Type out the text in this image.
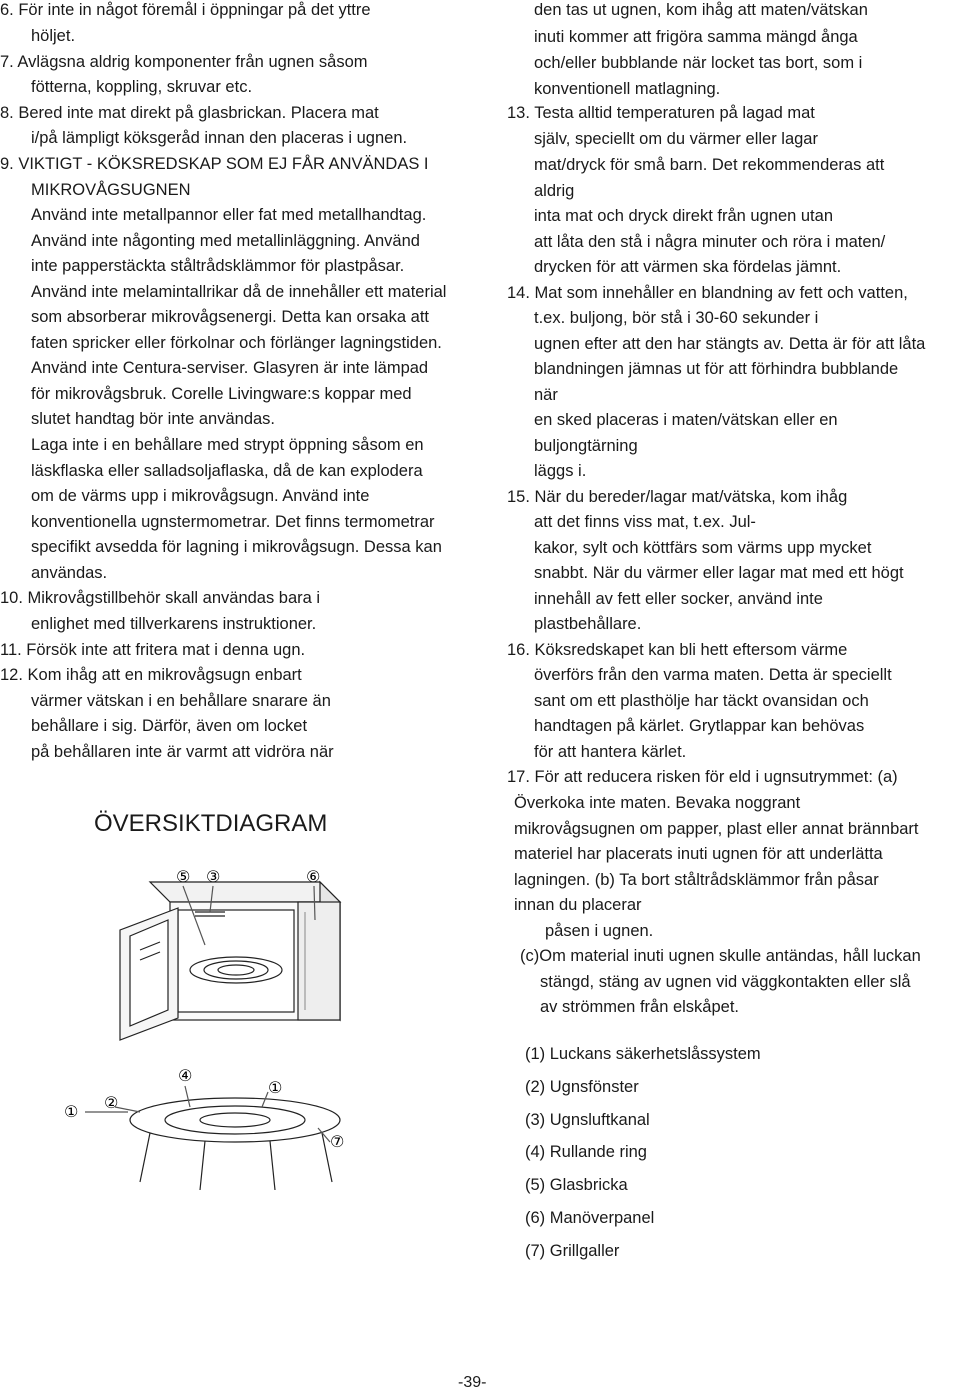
6. För inte in något föremål i öppningar på det yttre
höljet.
7. Avlägsna aldrig komponenter från ugnen såsom
fötterna, koppling, skruvar etc.
8. Bered inte mat direkt på glasbrickan. Placera mat
i/på lämpligt köksgeråd innan den placeras i ugnen.
9. VIKTIGT - KÖKSREDSKAP SOM EJ FÅR ANVÄNDAS I
MIKROVÅGSUGNEN
Använd inte metallpannor eller fat med metallhandtag.
Använd inte någonting med metallinläggning. Använd
inte papperstäckta ståltrådsklämmor för plastpåsar.
Använd inte melamintallrikar då de innehåller ett material
som absorberar mikrovågsenergi. Detta kan orsaka att
faten spricker eller förkolnar och förlänger lagningstiden.
Använd inte Centura-serviser. Glasyren är inte lämpad
för mikrovågsbruk. Corelle Livingware:s koppar med
slutet handtag bör inte användas.
Laga inte i en behållare med strypt öppning såsom en
läskflaska eller salladsoljaflaska, då de kan explodera
om de värms upp i mikrovågsugn. Använd inte
konventionella ugnstermometrar. Det finns termometrar
specifikt avsedda för lagning i mikrovågsugn. Dessa kan
användas.
10. Mikrovågstillbehör skall användas bara i
enlighet med tillverkarens instruktioner.
11. Försök inte att fritera mat i denna ugn.
12. Kom ihåg att en mikrovågsugn enbart
värmer vätskan i en behållare snarare än
behållare i sig. Därför, även om locket
på behållaren inte är varmt att vidröra när
den tas ut ugnen, kom ihåg att maten/vätskan
inuti kommer att frigöra samma mängd ånga
och/eller bubblande när locket tas bort, som i
konventionell matlagning.
13. Testa alltid temperaturen på lagad mat
själv, speciellt om du värmer eller lagar
mat/dryck för små barn. Det rekommenderas att
aldrig
inta mat och dryck direkt från ugnen utan
att låta den stå i några minuter och röra i maten/
drycken för att värmen ska fördelas jämnt.
14. Mat som innehåller en blandning av fett och vatten,
t.ex. buljong, bör stå i 30-60 sekunder i
ugnen efter att den har stängts av. Detta är för att låta
blandningen jämnas ut för att förhindra bubblande
när
en sked placeras i maten/vätskan eller en
buljongtärning
läggs i.
15. När du bereder/lagar mat/vätska, kom ihåg
att det finns viss mat, t.ex. Jul-
kakor, sylt och köttfärs som värms upp mycket
snabbt. När du värmer eller lagar mat med ett högt
innehåll av fett eller socker, använd inte
plastbehållare.
16. Köksredskapet kan bli hett eftersom värme
överförs från den varma maten. Detta är speciellt
sant om ett plasthölje har täckt ovansidan och
handtagen på kärlet. Grytlappar kan behövas
för att hantera kärlet.
17. För att reducera risken för eld i ugnsutrymmet: (a)
Överkoka inte maten. Bevaka noggrant
mikrovågsugnen om papper, plast eller annat brännbart
materiel har placerats inuti ugnen för att underlätta
lagningen. (b) Ta bort ståltrådsklämmor från påsar
innan du placerar
påsen i ugnen.
(c)Om material inuti ugnen skulle antändas, håll luckan
stängd, stäng av ugnen vid väggkontakten eller slå
av strömmen från elskåpet.
ÖVERSIKTDIAGRAM
⑤ ③	⑥
④
①
① ②
⑦
(1) Luckans säkerhetslåssystem
(2) Ugnsfönster
(3) Ugnsluftkanal
(4) Rullande ring
(5) Glasbricka
(6) Manöverpanel
(7) Grillgaller
-39-
